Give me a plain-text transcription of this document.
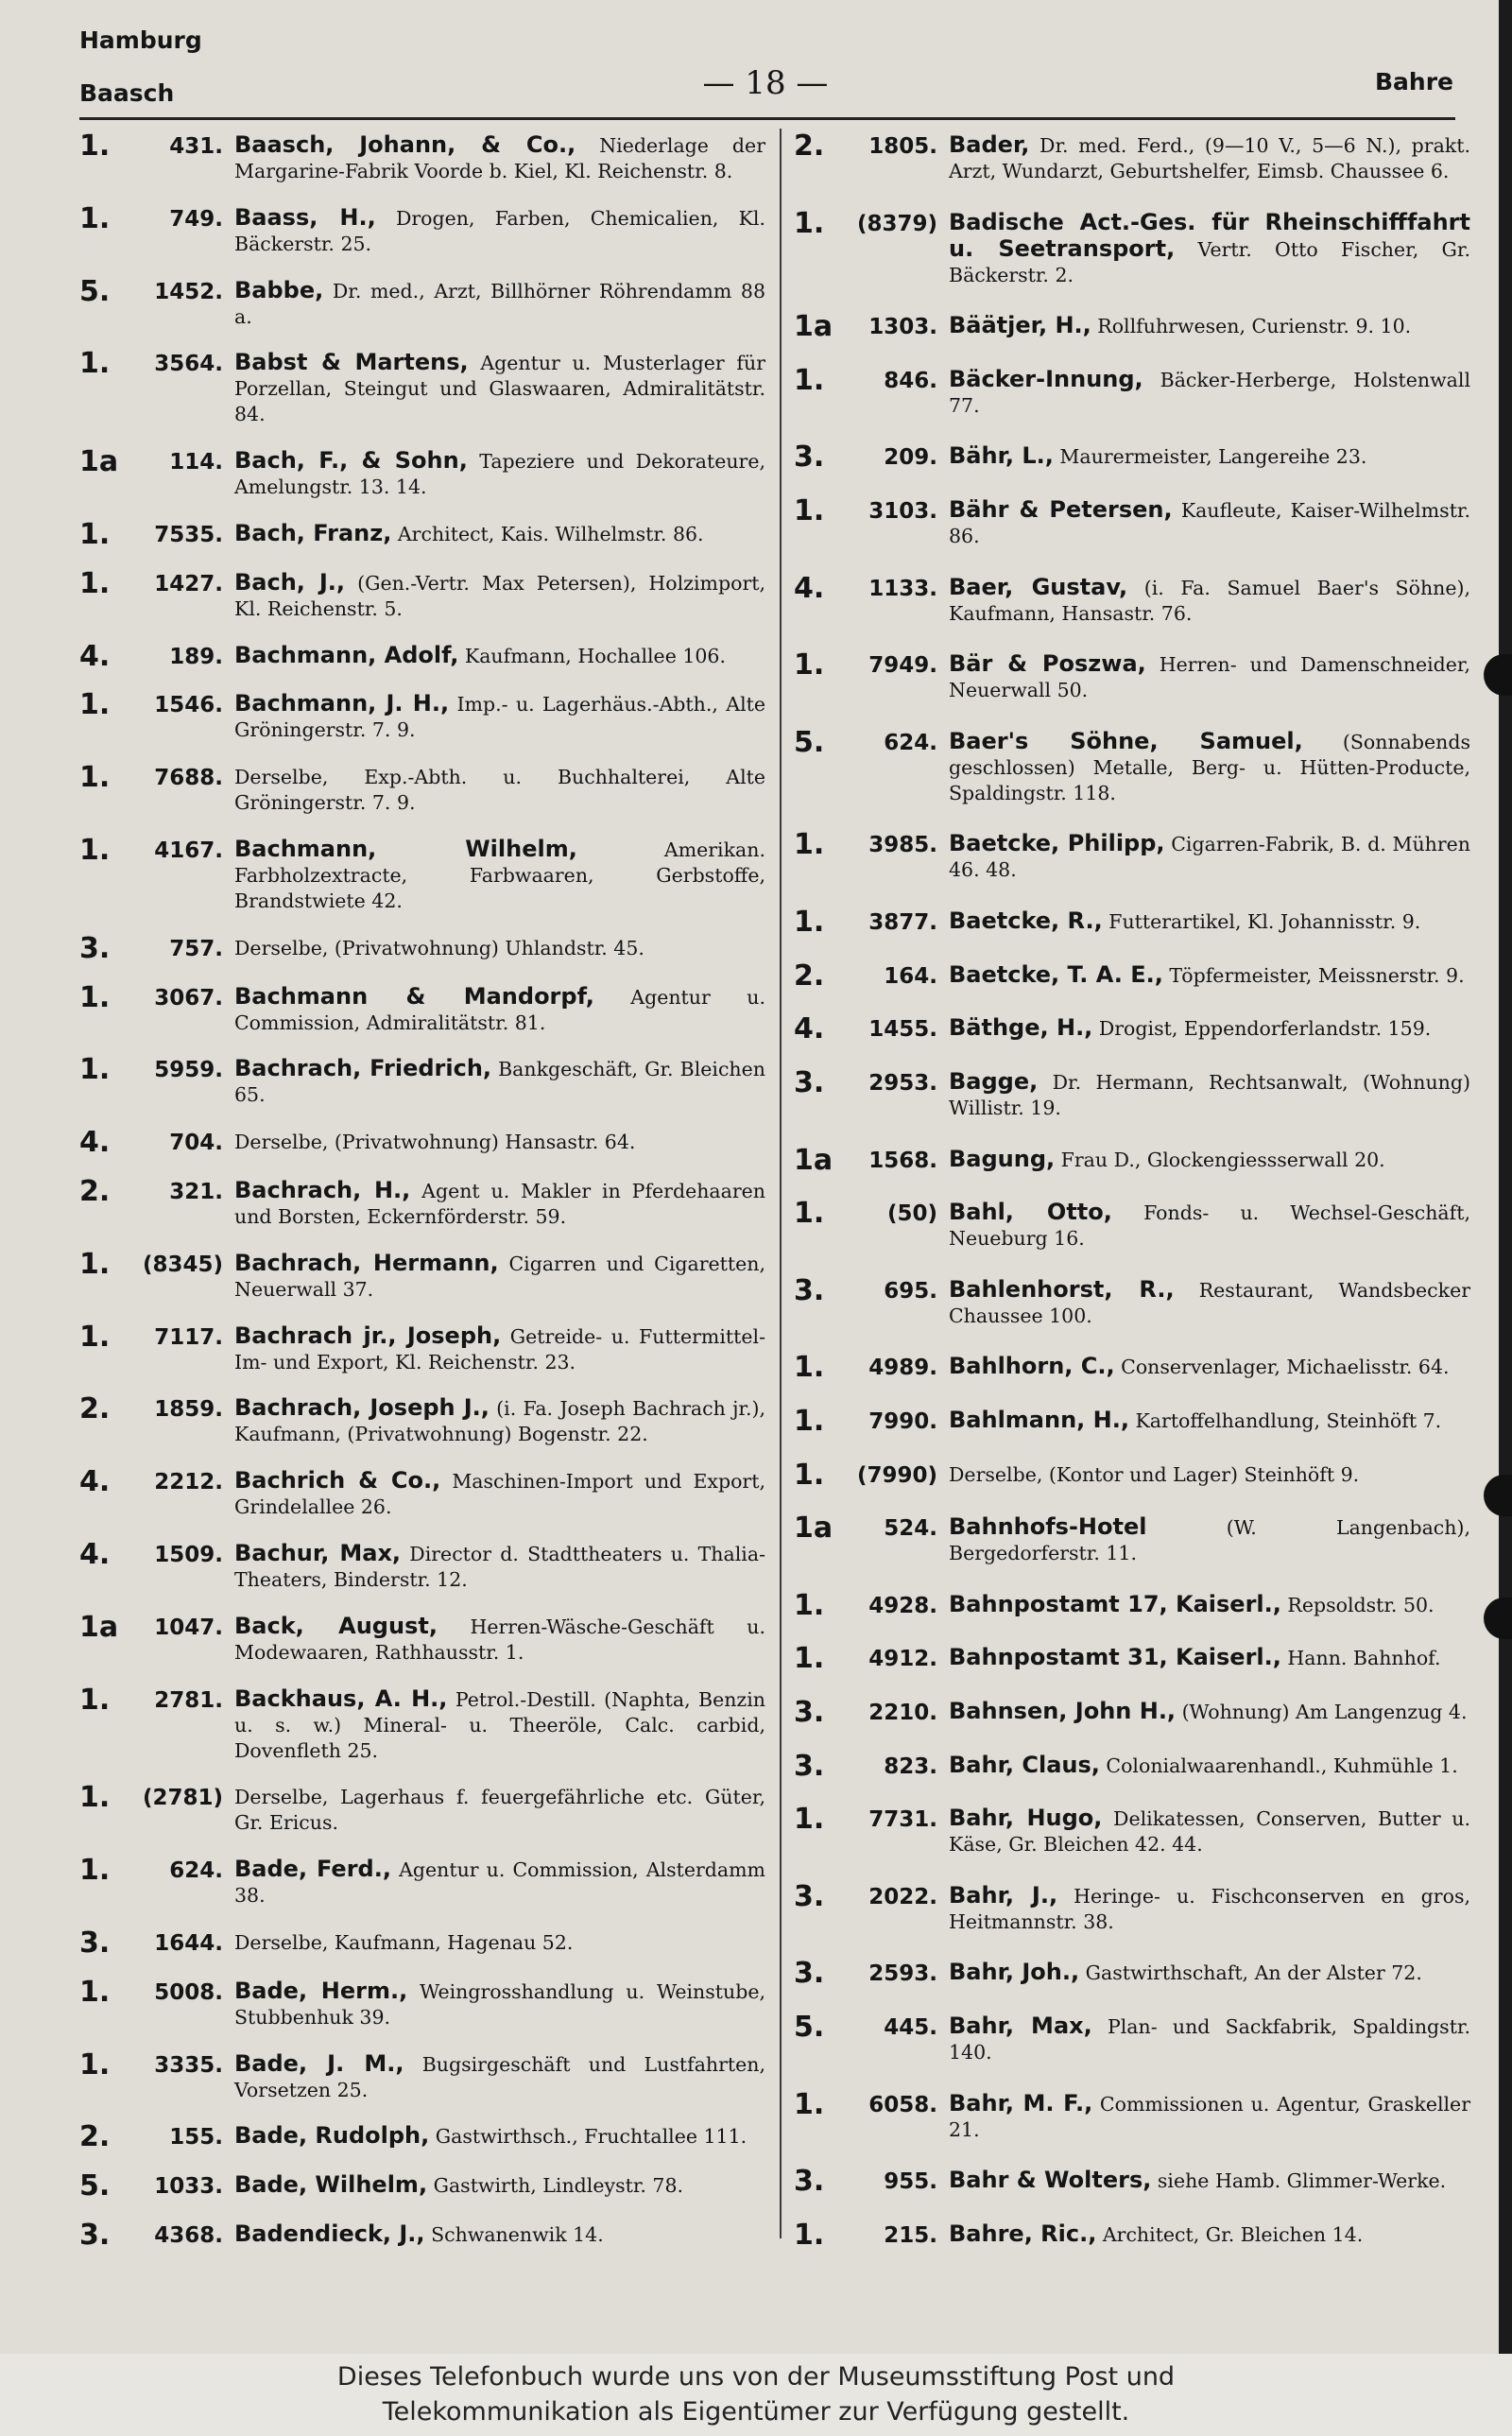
Hamburg
Baasch	— 18 —	Bahre
1.	431. Baasch, Johann, & Co., Niederlage der Margarine-Fabrik Voorde b. Kiel, Kl. Reichenstr. 8.
1.	749. Baass, H., Drogen, Farben, Chemicalien, Kl. Bäckerstr. 25.
5.	1452. Babbe, Dr. med., Arzt, Billhörner Röhrendamm 88 a.
1.	3564. Babst & Martens, Agentur u. Musterlager für Porzellan, Steingut und Glaswaaren, Admiralitätstr. 84.
1a	114. Bach, F., & Sohn, Tapeziere und Dekorateure, Amelungstr. 13. 14.
1.	7535. Bach, Franz, Architect, Kais. Wilhelmstr. 86.
1.	1427. Bach, J., (Gen.-Vertr. Max Petersen), Holzimport, Kl. Reichenstr. 5.
4.	189. Bachmann, Adolf, Kaufmann, Hochallee 106.
1.	1546. Bachmann, J. H., Imp.- u. Lagerhäus.-Abth., Alte Gröningerstr. 7. 9.
1.	7688. Derselbe, Exp.-Abth. u. Buchhalterei, Alte Gröningerstr. 7. 9.
1.	4167. Bachmann, Wilhelm, Amerikan. Farbholzextracte, Farbwaaren, Gerbstoffe, Brandstwiete 42.
3.	757. Derselbe, (Privatwohnung) Uhlandstr. 45.
1.	3067. Bachmann & Mandorpf, Agentur u. Commission, Admiralitätstr. 81.
1.	5959. Bachrach, Friedrich, Bankgeschäft, Gr. Bleichen 65.
4.	704. Derselbe, (Privatwohnung) Hansastr. 64.
2.	321. Bachrach, H., Agent u. Makler in Pferdehaaren und Borsten, Eckernförderstr. 59.
1.	(8345) Bachrach, Hermann, Cigarren und Cigaretten, Neuerwall 37.
1.	7117. Bachrach jr., Joseph, Getreide- u. Futtermittel-Im- und Export, Kl. Reichenstr. 23.
2.	1859. Bachrach, Joseph J., (i. Fa. Joseph Bachrach jr.), Kaufmann, (Privatwohnung) Bogenstr. 22.
4.	2212. Bachrich & Co., Maschinen-Import und Export, Grindelallee 26.
4.	1509. Bachur, Max, Director d. Stadttheaters u. Thalia-Theaters, Binderstr. 12.
1a	1047. Back, August, Herren-Wäsche-Geschäft u. Modewaaren, Rathhausstr. 1.
1.	2781. Backhaus, A. H., Petrol.-Destill. (Naphta, Benzin u. s. w.) Mineral- u. Theeröle, Calc. carbid, Dovenfleth 25.
1.	(2781) Derselbe, Lagerhaus f. feuergefährliche etc. Güter, Gr. Ericus.
1.	624. Bade, Ferd., Agentur u. Commission, Alsterdamm 38.
3.	1644. Derselbe, Kaufmann, Hagenau 52.
1.	5008. Bade, Herm., Weingrosshandlung u. Weinstube, Stubbenhuk 39.
1.	3335. Bade, J. M., Bugsirgeschäft und Lustfahrten, Vorsetzen 25.
2.	155. Bade, Rudolph, Gastwirthsch., Fruchtallee 111.
5.	1033. Bade, Wilhelm, Gastwirth, Lindleystr. 78.
3.	4368. Badendieck, J., Schwanenwik 14.
2.	1805. Bader, Dr. med. Ferd., (9—10 V., 5—6 N.), prakt. Arzt, Wundarzt, Geburtshelfer, Eimsb. Chaussee 6.
1.	(8379) Badische Act.-Ges. für Rheinschifffahrt u. Seetransport, Vertr. Otto Fischer, Gr. Bäckerstr. 2.
1a	1303. Bäätjer, H., Rollfuhrwesen, Curienstr. 9. 10.
1.	846. Bäcker-Innung, Bäcker-Herberge, Holstenwall 77.
3.	209. Bähr, L., Maurermeister, Langereihe 23.
1.	3103. Bähr & Petersen, Kaufleute, Kaiser-Wilhelmstr. 86.
4.	1133. Baer, Gustav, (i. Fa. Samuel Baer's Söhne), Kaufmann, Hansastr. 76.
1.	7949. Bär & Poszwa, Herren- und Damenschneider, Neuerwall 50.
5.	624. Baer's Söhne, Samuel, (Sonnabends geschlossen) Metalle, Berg- u. Hütten-Producte, Spaldingstr. 118.
1.	3985. Baetcke, Philipp, Cigarren-Fabrik, B. d. Mühren 46. 48.
1.	3877. Baetcke, R., Futterartikel, Kl. Johannisstr. 9.
2.	164. Baetcke, T. A. E., Töpfermeister, Meissnerstr. 9.
4.	1455. Bäthge, H., Drogist, Eppendorferlandstr. 159.
3.	2953. Bagge, Dr. Hermann, Rechtsanwalt, (Wohnung) Willistr. 19.
1a	1568. Bagung, Frau D., Glockengiessserwall 20.
1.	(50) Bahl, Otto, Fonds- u. Wechsel-Geschäft, Neueburg 16.
3.	695. Bahlenhorst, R., Restaurant, Wandsbecker Chaussee 100.
1.	4989. Bahlhorn, C., Conservenlager, Michaelisstr. 64.
1.	7990. Bahlmann, H., Kartoffelhandlung, Steinhöft 7.
1.	(7990) Derselbe, (Kontor und Lager) Steinhöft 9.
1a	524. Bahnhofs-Hotel (W. Langenbach), Bergedorferstr. 11.
1.	4928. Bahnpostamt 17, Kaiserl., Repsoldstr. 50.
1.	4912. Bahnpostamt 31, Kaiserl., Hann. Bahnhof.
3.	2210. Bahnsen, John H., (Wohnung) Am Langenzug 4.
3.	823. Bahr, Claus, Colonialwaarenhandl., Kuhmühle 1.
1.	7731. Bahr, Hugo, Delikatessen, Conserven, Butter u. Käse, Gr. Bleichen 42. 44.
3.	2022. Bahr, J., Heringe- u. Fischconserven en gros, Heitmannstr. 38.
3.	2593. Bahr, Joh., Gastwirthschaft, An der Alster 72.
5.	445. Bahr, Max, Plan- und Sackfabrik, Spaldingstr. 140.
1.	6058. Bahr, M. F., Commissionen u. Agentur, Graskeller 21.
3.	955. Bahr & Wolters, siehe Hamb. Glimmer-Werke.
1.	215. Bahre, Ric., Architect, Gr. Bleichen 14.
Dieses Telefonbuch wurde uns von der Museumsstiftung Post und
Telekommunikation als Eigentümer zur Verfügung gestellt.
